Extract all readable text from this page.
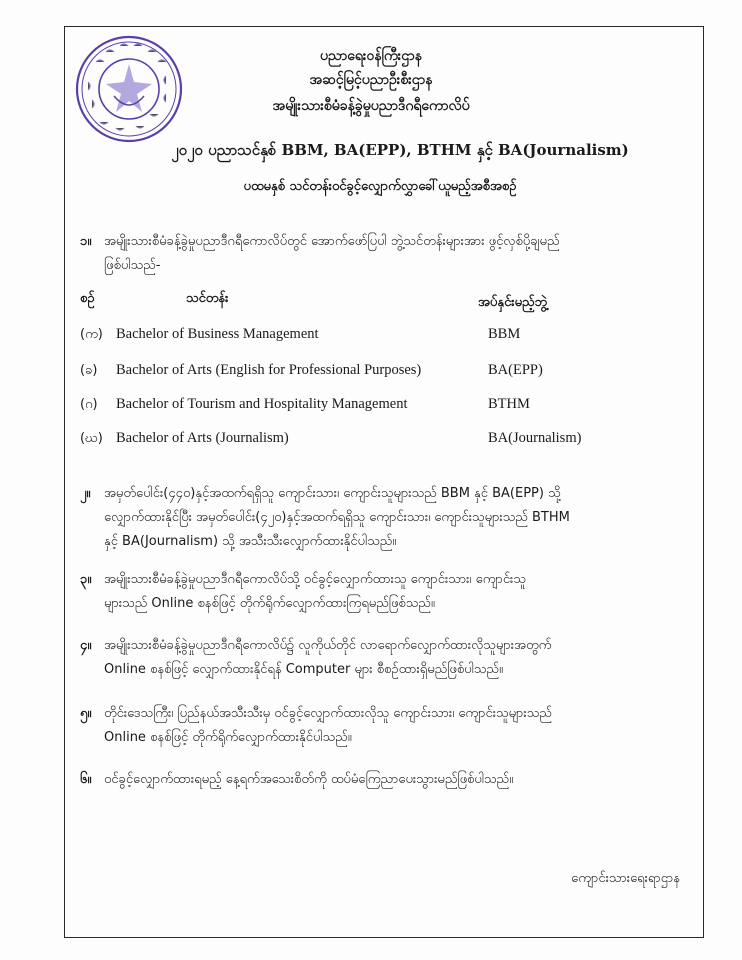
ပညာရေးဝန်ကြီးဌာန
အဆင့်မြင့်ပညာဦးစီးဌာန
အမျိုးသားစီမံခန့်ခွဲမှုပညာဒီဂရီကောလိပ်
၂၀၂၀ ပညာသင်နှစ် BBM, BA(EPP), BTHM နှင့် BA(Journalism)
ပထမနှစ် သင်တန်းဝင်ခွင့်လျှောက်လွှာခေါ်ယူမည့်အစီအစဉ်
၁။ အမျိုးသားစီမံခန့်ခွဲမှုပညာဒီဂရီကောလိပ်တွင် အောက်ဖော်ပြပါ ဘွဲ့သင်တန်းများအား ဖွင့်လှစ်ပို့ချမည်
ဖြစ်ပါသည်-
စဉ်	သင်တန်း	အပ်နှင်းမည့်ဘွဲ့
(က) Bachelor of Business Management	BBM
(ခ) Bachelor of Arts (English for Professional Purposes)	BA(EPP)
(ဂ) Bachelor of Tourism and Hospitality Management	BTHM
(ဃ) Bachelor of Arts (Journalism)	BA(Journalism)
၂။ အမှတ်ပေါင်း(၄၄၀)နှင့်အထက်ရရှိသူ ကျောင်းသား၊ ကျောင်းသူများသည် BBM နှင့် BA(EPP) သို့
လျှောက်ထားနိုင်ပြီး အမှတ်ပေါင်း(၄၂၀)နှင့်အထက်ရရှိသူ ကျောင်းသား၊ ကျောင်းသူများသည် BTHM
နှင့် BA(Journalism) သို့ အသီးသီးလျှောက်ထားနိုင်ပါသည်။
၃။ အမျိုးသားစီမံခန့်ခွဲမှုပညာဒီဂရီကောလိပ်သို့ ဝင်ခွင့်လျှောက်ထားသူ ကျောင်းသား၊ ကျောင်းသူ
များသည် Online စနစ်ဖြင့် တိုက်ရိုက်လျှောက်ထားကြရမည်ဖြစ်သည်။
၄။ အမျိုးသားစီမံခန့်ခွဲမှုပညာဒီဂရီကောလိပ်၌ လူကိုယ်တိုင် လာရောက်လျှောက်ထားလိုသူများအတွက်
Online စနစ်ဖြင့် လျှောက်ထားနိုင်ရန် Computer များ စီစဉ်ထားရှိမည်ဖြစ်ပါသည်။
၅။ တိုင်းဒေသကြီး၊ ပြည်နယ်အသီးသီးမှ ဝင်ခွင့်လျှောက်ထားလိုသူ ကျောင်းသား၊ ကျောင်းသူများသည်
Online စနစ်ဖြင့် တိုက်ရိုက်လျှောက်ထားနိုင်ပါသည်။
၆။ ဝင်ခွင့်လျှောက်ထားရမည့် နေ့ရက်အသေးစိတ်ကို ထပ်မံကြေညာပေးသွားမည်ဖြစ်ပါသည်။
ကျောင်းသားရေးရာဌာန
